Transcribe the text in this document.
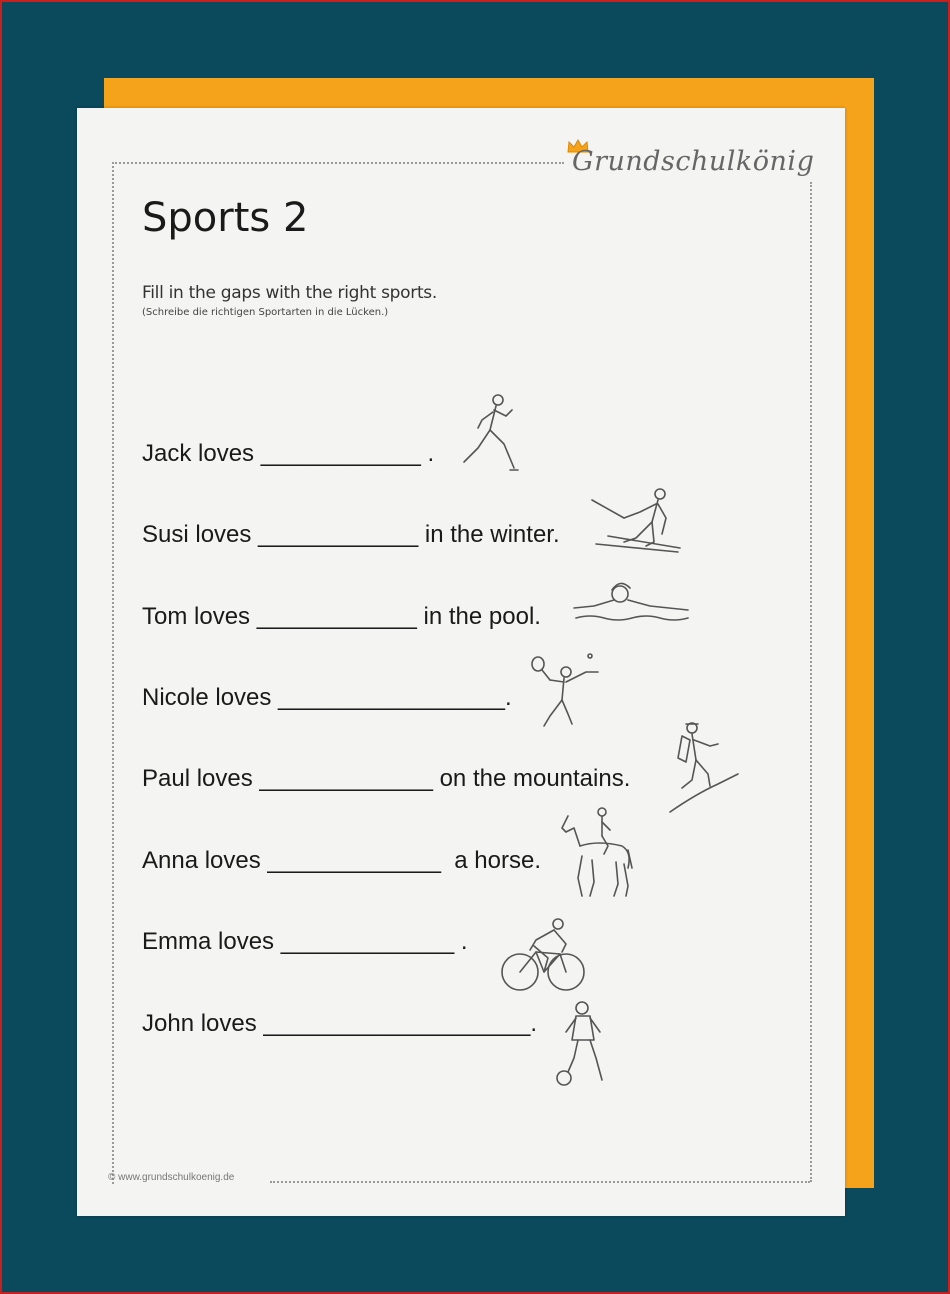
Grundschulkönig
Sports 2
Fill in the gaps with the right sports.
(Schreibe die richtigen Sportarten in die Lücken.)
Jack loves ____________ .
Susi loves ____________ in the winter.
Tom loves ____________ in the pool.
Nicole loves _________________.
Paul loves _____________ on the mountains.
Anna loves _____________  a horse.
Emma loves _____________ .
John loves ____________________.
© www.grundschulkoenig.de
